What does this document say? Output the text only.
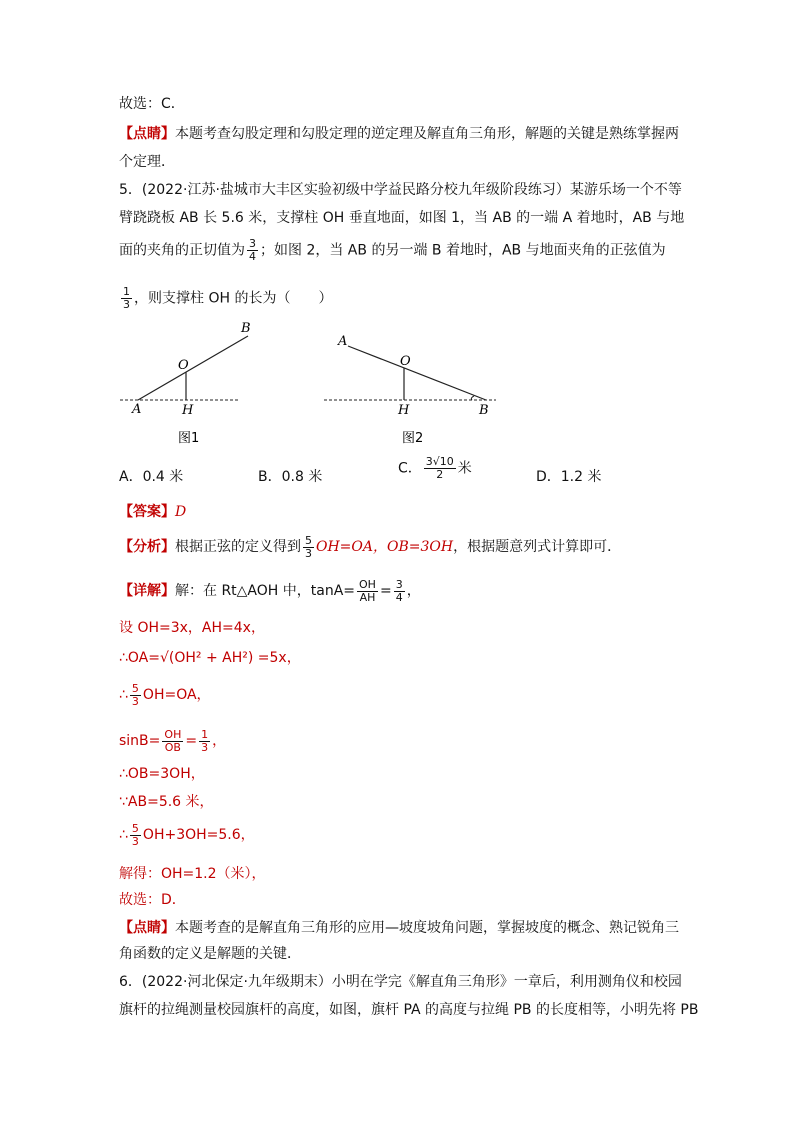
故选：C．
【点睛】本题考查勾股定理和勾股定理的逆定理及解直角三角形，解题的关键是熟练掌握两
个定理．
5．(2022·江苏·盐城市大丰区实验初级中学益民路分校九年级阶段练习）某游乐场一个不等
臂跷跷板 AB 长 5.6 米，支撑柱 OH 垂直地面，如图 1，当 AB 的一端 A 着地时，AB 与地
面的夹角的正切值为 $\frac{3}{4}$ ；如图 2，当 AB 的另一端 B 着地时，AB 与地面夹角的正弦值为
$\frac{1}{3}$ ，则支撑柱 OH 的长为（　　）
B
O
A	H
图1
A
O
H	B
图2
A．0.4 米	B．0.8 米
C． $\frac{3√10}{2}$ 米
D．1.2 米
【答案】D
【分析】根据正弦的定义得到 $\frac{5}{3} OH=OA$，OB=3OH，根据题意列式计算即可．
【详解】解：在 Rt△AOH 中，$\tan A= \frac{OH}{AH} = \frac{3}{4}$ ，
设 OH=3x，AH=4x，
∴OA=√(OH² + AH²) =5x，
∴ $\frac{5}{3} OH=OA$，
$\sin B= \frac{OH}{OB} = \frac{1}{3}$ ，
∴OB=3OH，
∵AB=5.6 米，
∴ $\frac{5}{3} OH+3OH=5.6$，
解得：OH=1.2（米），
故选：D．
【点睛】本题考查的是解直角三角形的应用—坡度坡角问题，掌握坡度的概念、熟记锐角三
角函数的定义是解题的关键．
6．(2022·河北保定·九年级期末）小明在学完《解直角三角形》一章后，利用测角仪和校园
旗杆的拉绳测量校园旗杆的高度，如图，旗杆 PA 的高度与拉绳 PB 的长度相等，小明先将 PB
